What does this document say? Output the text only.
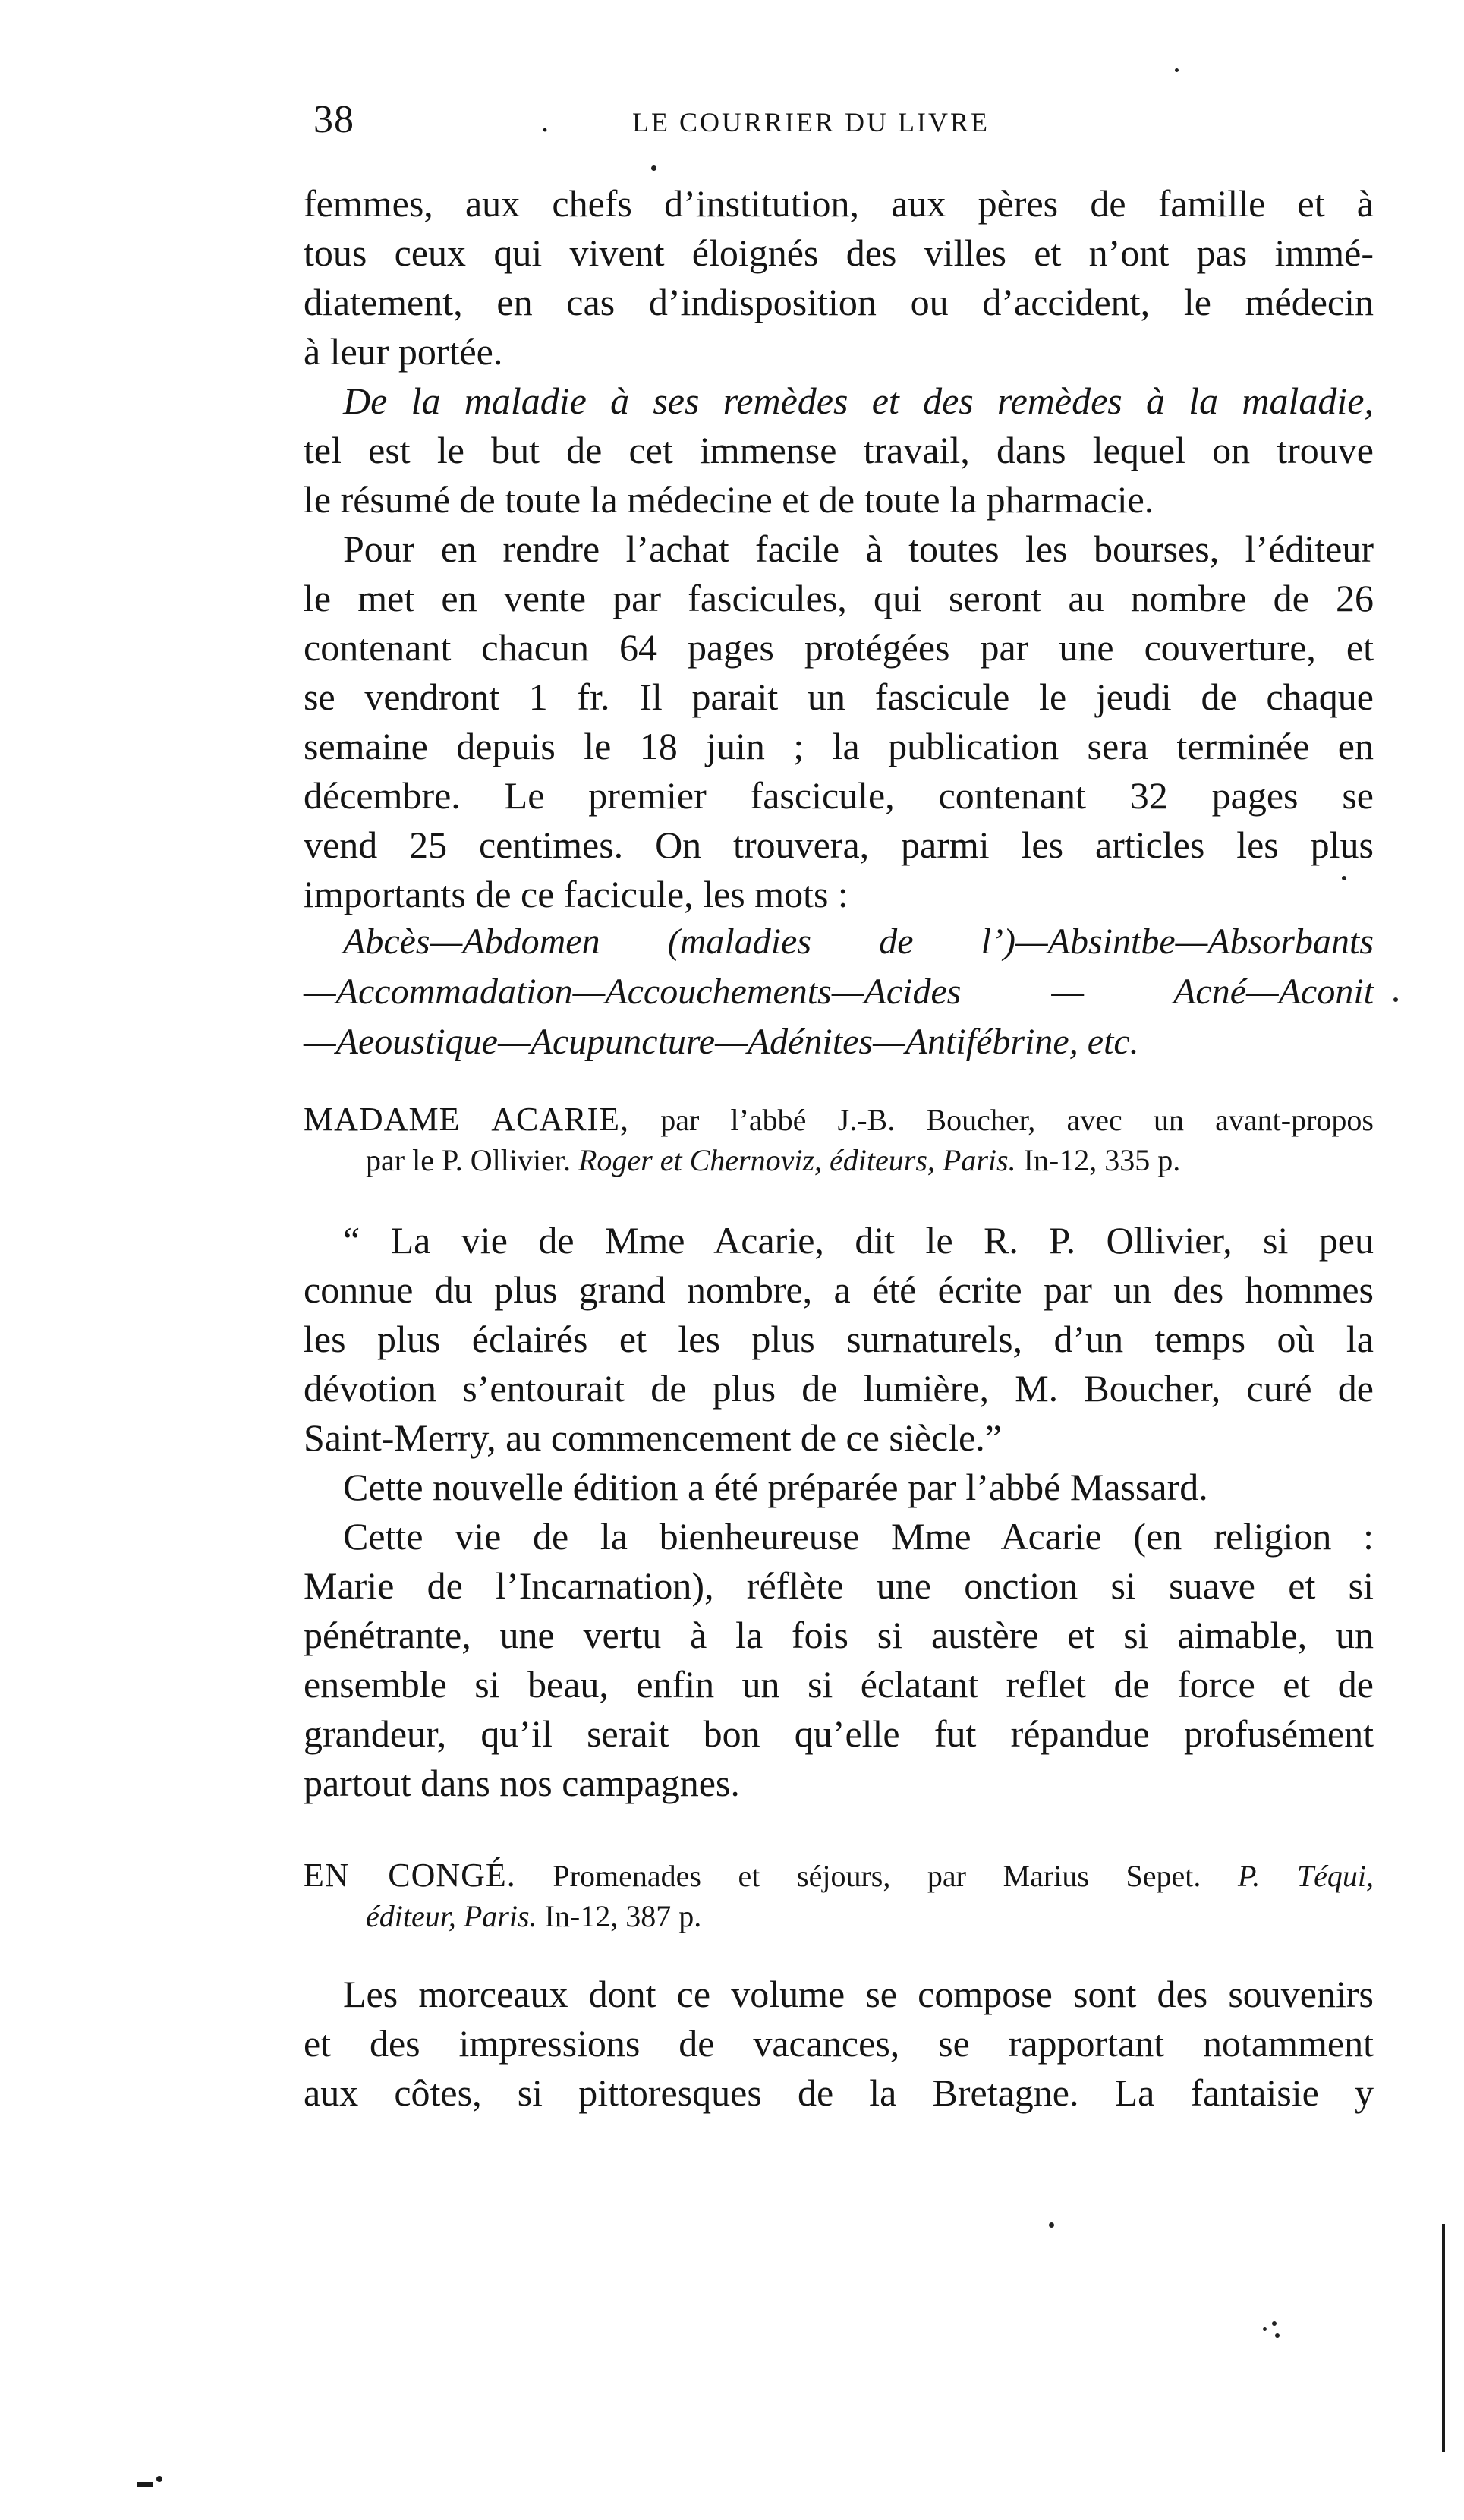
38	.	LE COURRIER DU LIVRE
femmes, aux chefs d’institution, aux pères de famille et à
tous ceux qui vivent éloignés des villes et n’ont pas immé-
diatement, en cas d’indisposition ou d’accident, le médecin
à leur portée.
De la maladie à ses remèdes et des remèdes à la maladie,
tel est le but de cet immense travail, dans lequel on trouve
le résumé de toute la médecine et de toute la pharmacie.
Pour en rendre l’achat facile à toutes les bourses, l’éditeur
le met en vente par fascicules, qui seront au nombre de 26
contenant chacun 64 pages protégées par une couverture, et
se vendront 1 fr. Il parait un fascicule le jeudi de chaque
semaine depuis le 18 juin ; la publication sera terminée en
décembre. Le premier fascicule, contenant 32 pages se
vend 25 centimes. On trouvera, parmi les articles les plus
importants de ce facicule, les mots :
Abcès—Abdomen (maladies de l’)—Absintbe—Absorbants
—Accommadation—Accouchements—Acides — Acné—Aconit
—Aeoustique—Acupuncture—Adénites—Antifébrine, etc.
MADAME ACARIE, par l’abbé J.-B. Boucher, avec un avant-propos
par le P. Ollivier. Roger et Chernoviz, éditeurs, Paris. In-12, 335 p.
“ La vie de Mme Acarie, dit le R. P. Ollivier, si peu
connue du plus grand nombre, a été écrite par un des hommes
les plus éclairés et les plus surnaturels, d’un temps où la
dévotion s’entourait de plus de lumière, M. Boucher, curé de
Saint-Merry, au commencement de ce siècle.”
Cette nouvelle édition a été préparée par l’abbé Massard.
Cette vie de la bienheureuse Mme Acarie (en religion :
Marie de l’Incarnation), réflète une onction si suave et si
pénétrante, une vertu à la fois si austère et si aimable, un
ensemble si beau, enfin un si éclatant reflet de force et de
grandeur, qu’il serait bon qu’elle fut répandue profusément
partout dans nos campagnes.
EN CONGÉ. Promenades et séjours, par Marius Sepet. P. Téqui,
éditeur, Paris. In-12, 387 p.
Les morceaux dont ce volume se compose sont des souvenirs
et des impressions de vacances, se rapportant notamment
aux côtes, si pittoresques de la Bretagne. La fantaisie y
